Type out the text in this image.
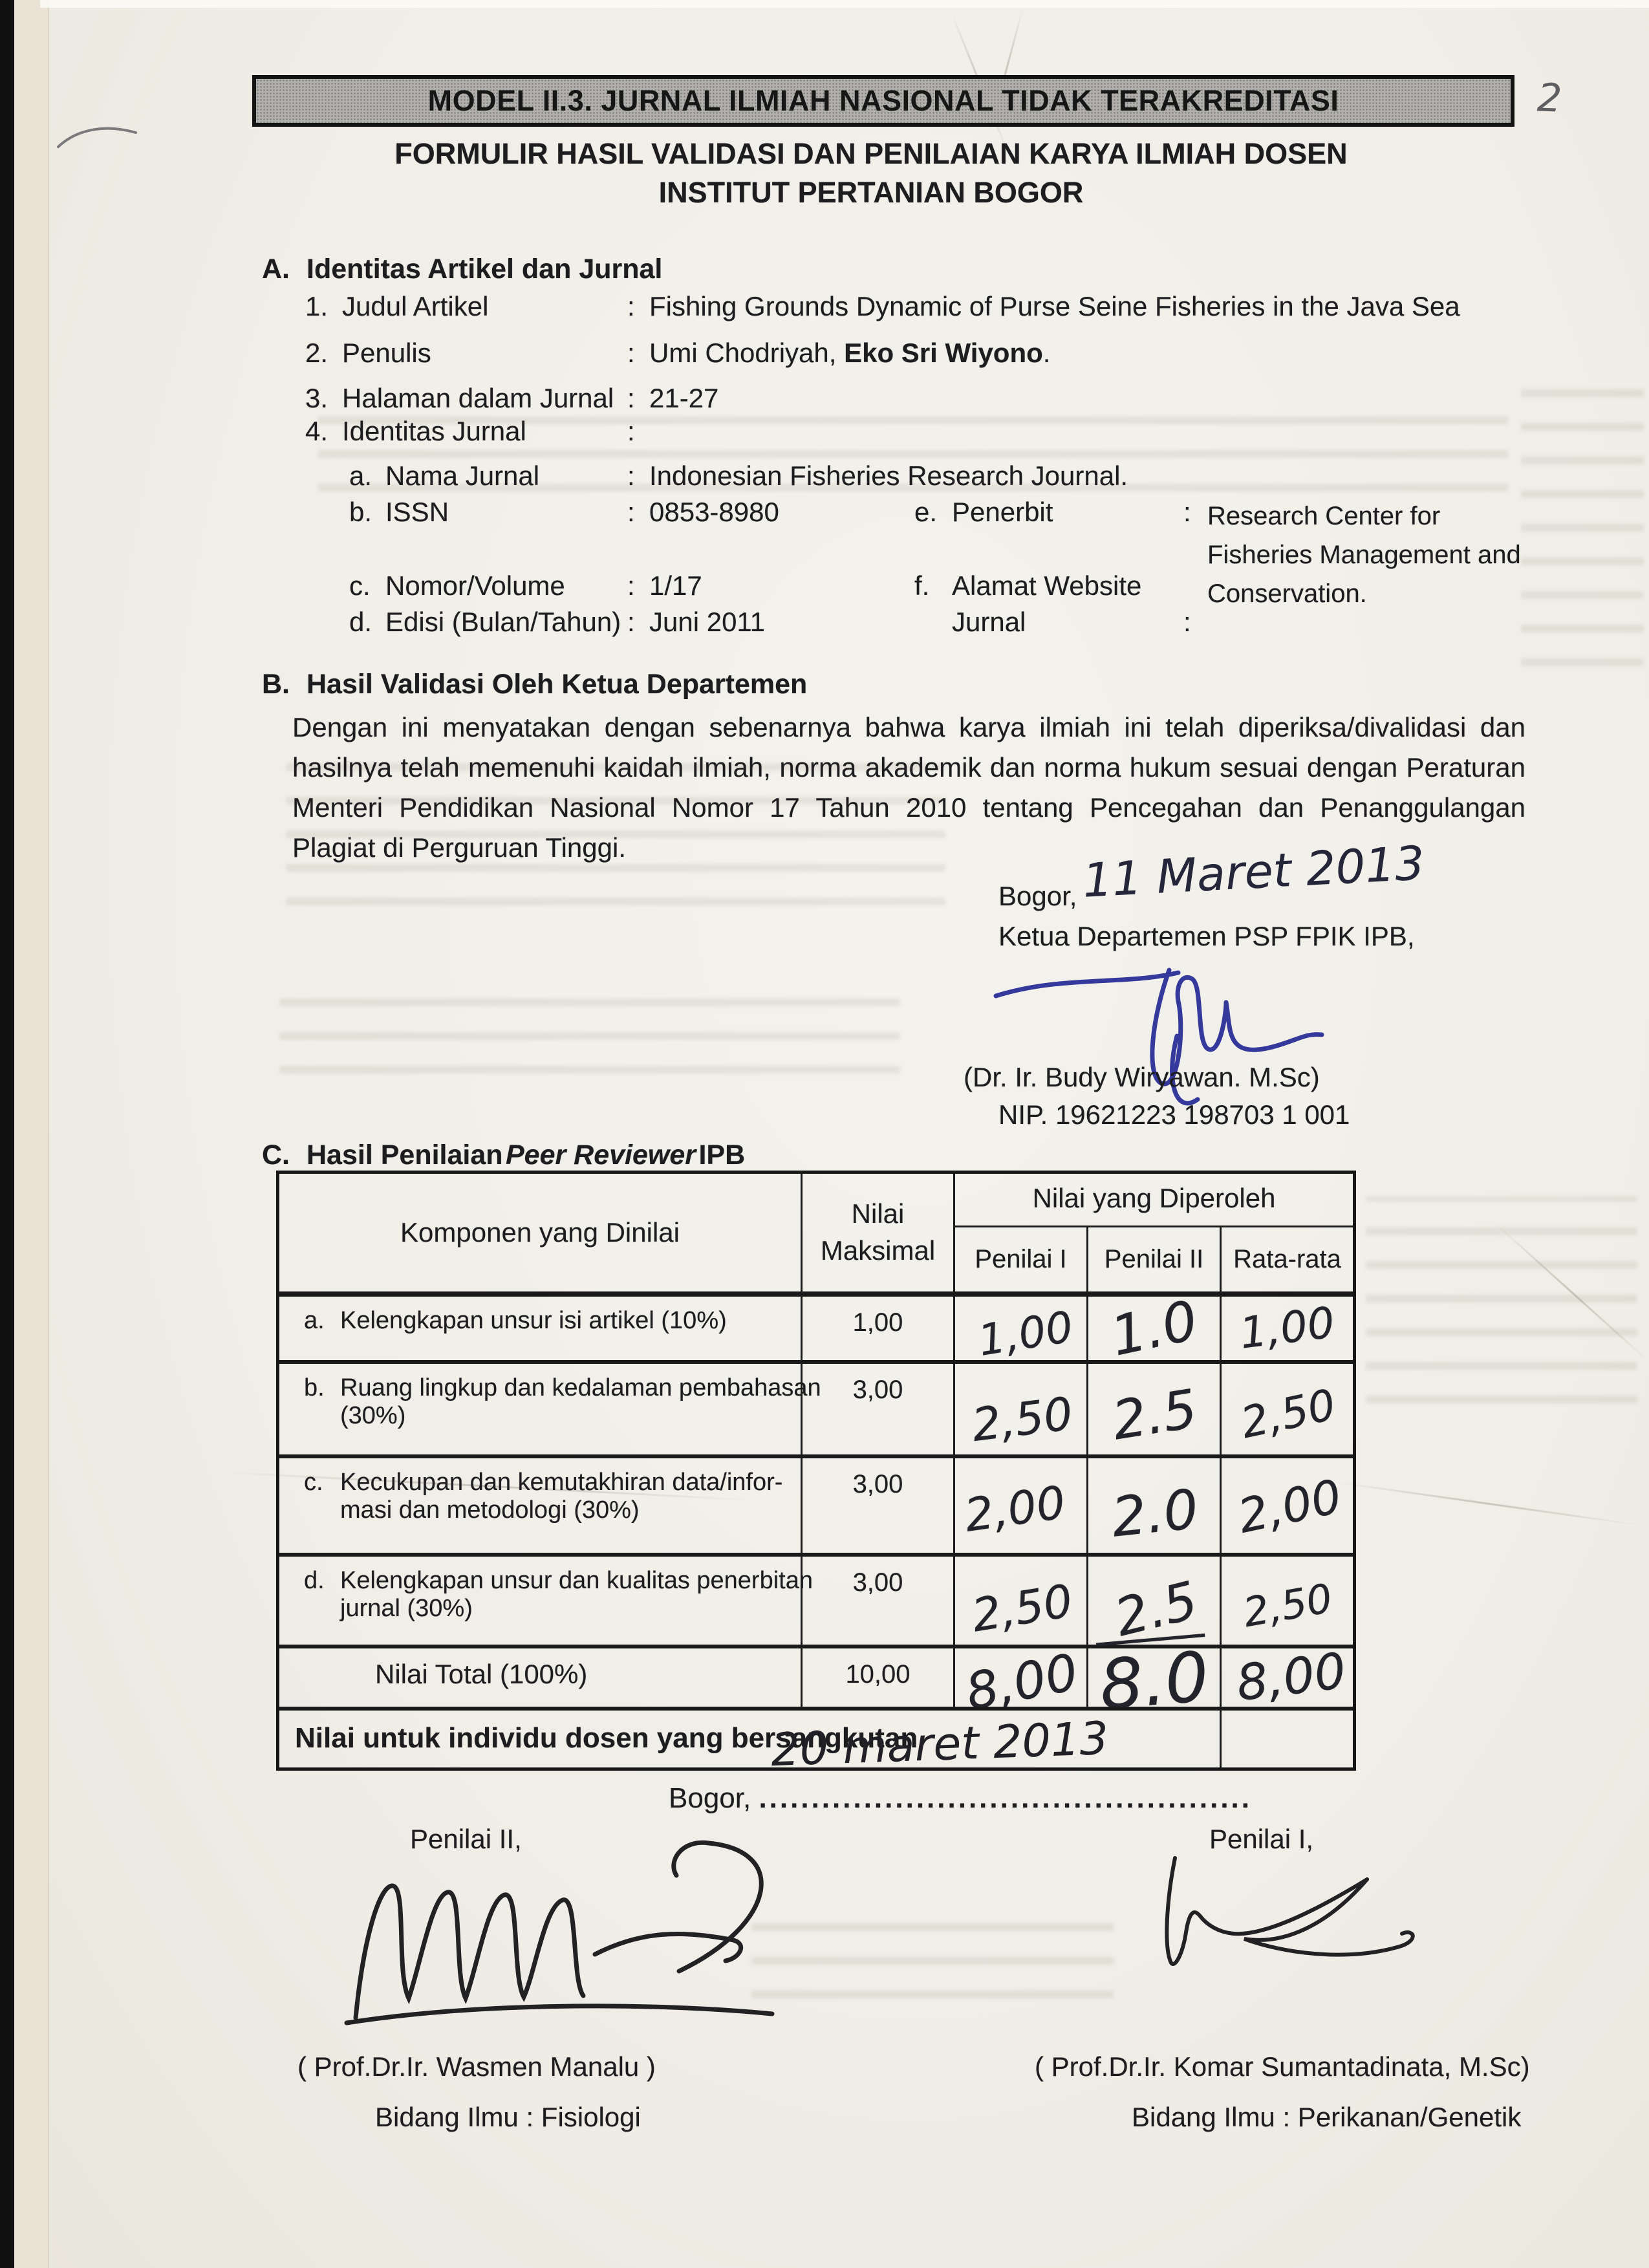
MODEL II.3. JURNAL ILMIAH NASIONAL TIDAK TERAKREDITASI	2
FORMULIR HASIL VALIDASI DAN PENILAIAN KARYA ILMIAH DOSEN
INSTITUT PERTANIAN BOGOR
A. Identitas Artikel dan Jurnal
1. Judul Artikel	: Fishing Grounds Dynamic of Purse Seine Fisheries in the Java Sea
2. Penulis	: Umi Chodriyah, Eko Sri Wiyono.
3. Halaman dalam Jurnal : 21-27
4. Identitas Jurnal	:
a. Nama Jurnal	: Indonesian Fisheries Research Journal.
b. ISSN	: 0853-8980	e. Penerbit	: Research Center for Fisheries Management and Conservation.
c. Nomor/Volume : 1/17	f. Alamat Website
d. Edisi (Bulan/Tahun) : Juni 2011	Jurnal	:
B. Hasil Validasi Oleh Ketua Departemen
Dengan ini menyatakan dengan sebenarnya bahwa karya ilmiah ini telah diperiksa/divalidasi dan hasilnya telah memenuhi kaidah ilmiah, norma akademik dan norma hukum sesuai dengan Peraturan Menteri Pendidikan Nasional Nomor 17 Tahun 2010 tentang Pencegahan dan Penanggulangan Plagiat di Perguruan Tinggi.
Bogor, 11 Maret 2013
Ketua Departemen PSP FPIK IPB,
(Dr. Ir. Budy Wiryawan. M.Sc)
NIP. 19621223 198703 1 001
C. Hasil Penilaian Peer Reviewer IPB
Komponen yang Dinilai
Nilai Maksimal
Nilai yang Diperoleh
Penilai I Penilai II Rata-rata
a. Kelengkapan unsur isi artikel (10%)	1,00	1,00 1.0 1,00
b. Ruang lingkup dan kedalaman pembahasan
(30%)
3,00	2,50 2.5 2,50
c. Kecukupan dan kemutakhiran data/infor-
masi dan metodologi (30%)
3,00	2,00 2.0 2,00
d. Kelengkapan unsur dan kualitas penerbitan
jurnal (30%)
3,00	2,50 2.5 2,50
Nilai Total (100%)	10,00	8,00 8.0 8,00
Nilai untuk individu dosen yang bersangkutan
Bogor, ...............................................
20 maret 2013
Penilai II,	Penilai I,
( Prof.Dr.Ir. Wasmen Manalu )	( Prof.Dr.Ir. Komar Sumantadinata, M.Sc)
Bidang Ilmu : Fisiologi	Bidang Ilmu : Perikanan/Genetik
